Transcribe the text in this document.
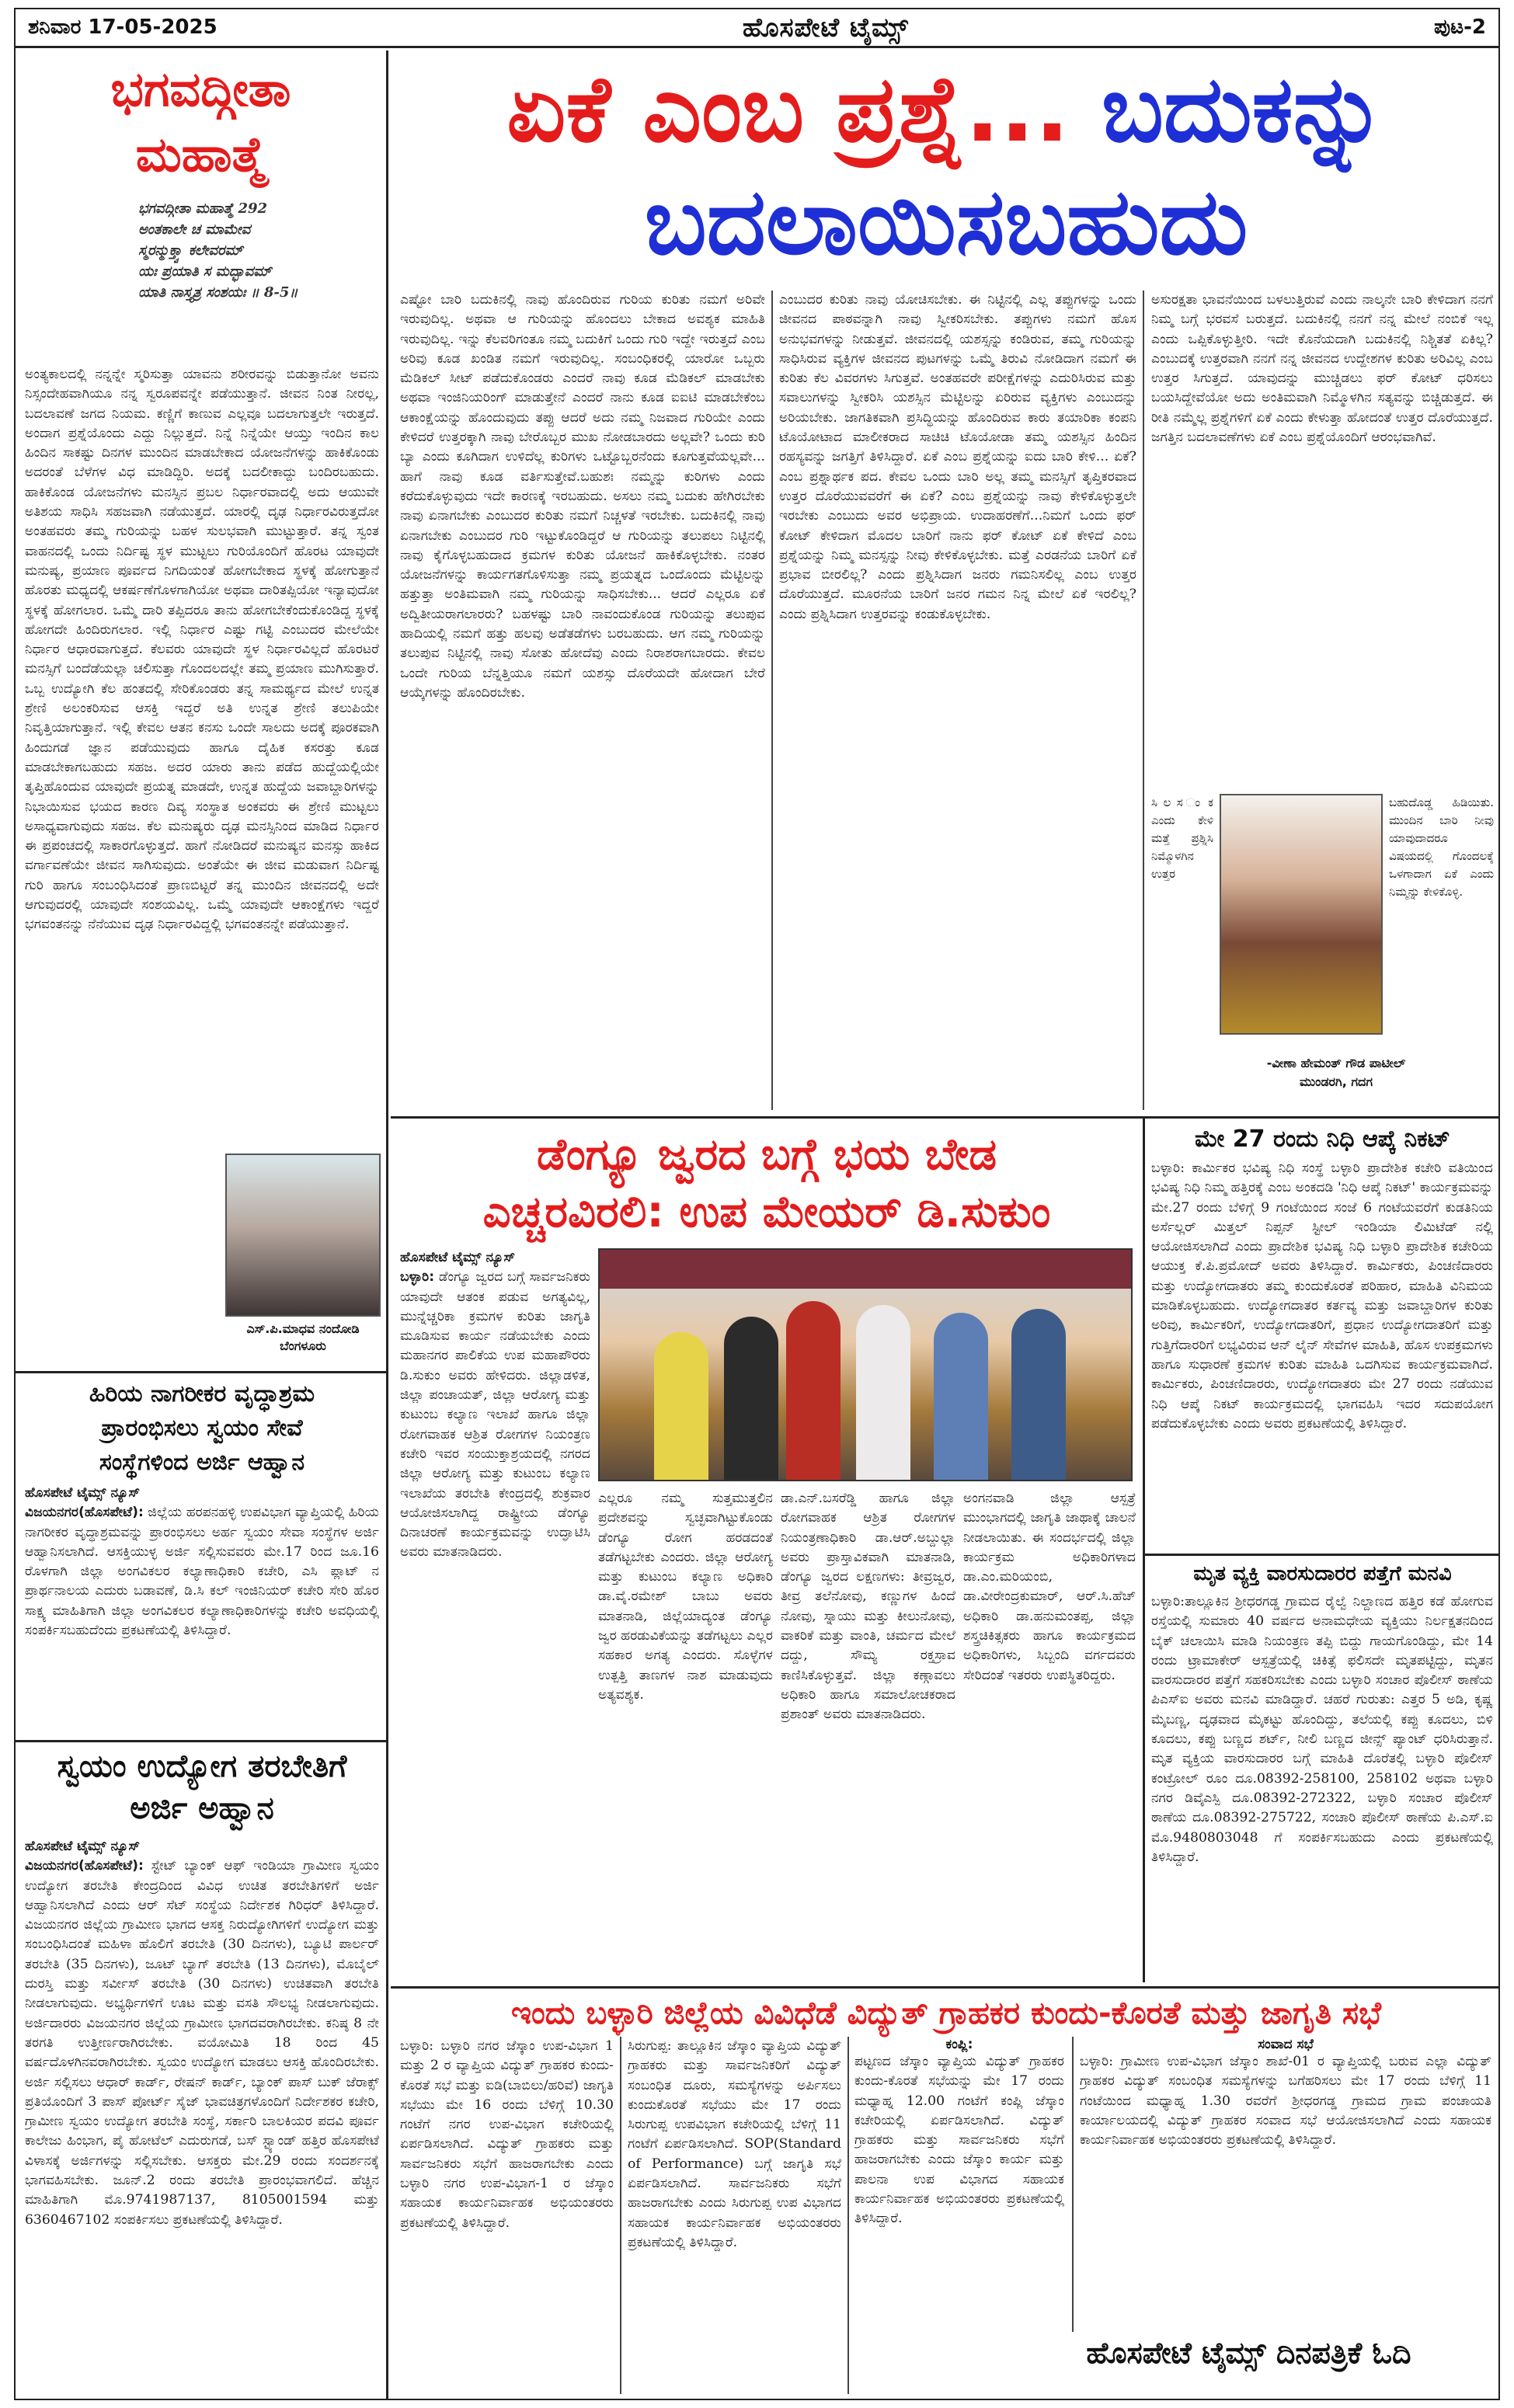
ಶನಿವಾರ 17-05-2025	ಹೊಸಪೇಟೆ ಟೈಮ್ಸ್	ಪುಟ-2
ಭಗವದ್ಗೀತಾ
ಮಹಾತ್ಮೆ
ಭಗವದ್ಗೀತಾ ಮಹಾತ್ಮೆ 292
ಅಂತಕಾಲೇ ಚ ಮಾಮೇವ
ಸ್ಮರನ್ಮುಕ್ತ್ವಾ ಕಲೇವರಮ್
ಯಃ ಪ್ರಯಾತಿ ಸ ಮದ್ಭಾವಮ್
ಯಾತಿ ನಾಸ್ತ್ಯತ್ರ ಸಂಶಯಃ ॥ 8-5॥
ಅಂತ್ಯಕಾಲದಲ್ಲಿ ನನ್ನನ್ನೇ ಸ್ಮರಿಸುತ್ತಾ ಯಾವನು ಶರೀರವನ್ನು ಬಿಡುತ್ತಾನೋ ಅವನು ನಿಸ್ಸಂದೇಹವಾಗಿಯೂ ನನ್ನ ಸ್ವರೂಪವನ್ನೇ ಪಡೆಯುತ್ತಾನೆ. ಜೀವನ ನಿಂತ ನೀರಲ್ಲ, ಬದಲಾವಣೆ ಜಗದ ನಿಯಮ. ಕಣ್ಣಿಗೆ ಕಾಣುವ ಎಲ್ಲವೂ ಬದಲಾಗುತ್ತಲೇ ಇರುತ್ತದೆ. ಅಂದಾಗ ಪ್ರಶ್ನೆಯೊಂದು ಎದ್ದು ನಿಲ್ಲುತ್ತದೆ. ನಿನ್ನೆ ನಿನ್ನೆಯೇ ಆಯ್ತು ಇಂದಿನ ಕಾಲ ಹಿಂದಿನ ಸಾಕಷ್ಟು ದಿನಗಳ ಮುಂದಿನ ಮಾಡಬೇಕಾದ ಯೋಜನೆಗಳನ್ನು ಹಾಕಿಕೊಂಡು ಅದರಂತೆ ಬೆಳೆಗಳ ವಿಧ ಮಾಡಿದ್ದಿರಿ. ಅದಕ್ಕೆ ಬದಲೀಕಾದ್ದು ಬಂದಿರಬಹುದು. ಹಾಕಿಕೊಂಡ ಯೋಜನೆಗಳು ಮನಸ್ಸಿನ ಪ್ರಬಲ ನಿರ್ಧಾರವಾದಲ್ಲಿ ಅದು ಆಯುವೇ ಅತಿಶಯ ಸಾಧಿಸಿ ಸಹಜವಾಗಿ ನಡೆಯುತ್ತದೆ. ಯಾರಲ್ಲಿ ದೃಢ ನಿರ್ಧಾರವಿರುತ್ತದೋ ಅಂತಹವರು ತಮ್ಮ ಗುರಿಯನ್ನು ಬಹಳ ಸುಲಭವಾಗಿ ಮುಟ್ಟುತ್ತಾರೆ. ತನ್ನ ಸ್ವಂತ ವಾಹನದಲ್ಲಿ ಒಂದು ನಿರ್ದಿಷ್ಟ ಸ್ಥಳ ಮುಟ್ಟಲು ಗುರಿಯೊಂದಿಗೆ ಹೊರಟ ಯಾವುದೇ ಮನುಷ್ಯ, ಪ್ರಯಾಣ ಪೂರ್ವದ ನಿಗದಿಯಂತೆ ಹೋಗಬೇಕಾದ ಸ್ಥಳಕ್ಕೆ ಹೋಗುತ್ತಾನೆ ಹೊರತು ಮಧ್ಯದಲ್ಲಿ ಆಕರ್ಷಣೆಗೊಳಗಾಗಿಯೋ ಅಥವಾ ದಾರಿತಪ್ಪಿಯೋ ಇನ್ಯಾವುದೋ ಸ್ಥಳಕ್ಕೆ ಹೋಗಲಾರ. ಒಮ್ಮೆ ದಾರಿ ತಪ್ಪಿದರೂ ತಾನು ಹೋಗಬೇಕೆಂದುಕೊಂಡಿದ್ದ ಸ್ಥಳಕ್ಕೆ ಹೋಗದೇ ಹಿಂದಿರುಗಲಾರ. ಇಲ್ಲಿ ನಿರ್ಧಾರ ಎಷ್ಟು ಗಟ್ಟಿ ಎಂಬುದರ ಮೇಲೆಯೇ ನಿರ್ಧಾರ ಆಧಾರವಾಗುತ್ತದೆ. ಕೆಲವರು ಯಾವುದೇ ಸ್ಥಳ ನಿರ್ಧಾರವಿಲ್ಲದೆ ಹೊರಟರೆ ಮನಸ್ಸಿಗೆ ಬಂದೆಡೆಯಲ್ಲಾ ಚಲಿಸುತ್ತಾ ಗೊಂದಲದಲ್ಲೇ ತಮ್ಮ ಪ್ರಯಾಣ ಮುಗಿಸುತ್ತಾರೆ. ಒಬ್ಬ ಉದ್ಯೋಗಿ ಕೆಲ ಹಂತದಲ್ಲಿ ಸೇರಿಕೊಂಡರು ತನ್ನ ಸಾಮರ್ಥ್ಯದ ಮೇಲೆ ಉನ್ನತ ಶ್ರೇಣಿ ಅಲಂಕರಿಸುವ ಆಸಕ್ತಿ ಇದ್ದರೆ ಅತಿ ಉನ್ನತ ಶ್ರೇಣಿ ತಲುಪಿಯೇ ನಿವೃತ್ತಿಯಾಗುತ್ತಾನೆ. ಇಲ್ಲಿ ಕೇವಲ ಆತನ ಕನಸು ಒಂದೇ ಸಾಲದು ಅದಕ್ಕೆ ಪೂರಕವಾಗಿ ಹಿಂದುಗಡೆ ಜ್ಞಾನ ಪಡೆಯುವುದು ಹಾಗೂ ದೈಹಿಕ ಕಸರತ್ತು ಕೂಡ ಮಾಡಬೇಕಾಗಬಹುದು ಸಹಜ. ಅದರ ಯಾರು ತಾನು ಪಡೆದ ಹುದ್ದೆಯಲ್ಲಿಯೇ ತೃಪ್ತಿಹೊಂದುವ ಯಾವುದೇ ಪ್ರಯತ್ನ ಮಾಡದೇ, ಉನ್ನತ ಹುದ್ದೆಯ ಜವಾಬ್ದಾರಿಗಳನ್ನು ನಿಭಾಯಿಸುವ ಭಯದ ಕಾರಣ ದಿವ್ಯ ಸಂಸ್ಥಾತ ಅಂಕವರು ಈ ಶ್ರೇಣಿ ಮುಟ್ಟಲು ಅಸಾಧ್ಯವಾಗುವುದು ಸಹಜ. ಕೆಲ ಮನುಷ್ಯರು ದೃಢ ಮನಸ್ಸಿನಿಂದ ಮಾಡಿದ ನಿರ್ಧಾರ ಈ ಪ್ರಪಂಚದಲ್ಲಿ ಸಾಕಾರಗೊಳ್ಳುತ್ತದೆ. ಹಾಗೆ ನೋಡಿದರೆ ಮನುಷ್ಯನ ಮನಸ್ಸು ಹಾಕಿದ ವರ್ಗಾವಣೆಯೇ ಜೀವನ ಸಾಗಿಸುವುದು. ಅಂತೆಯೇ ಈ ಜೀವ ಮಡುವಾಗ ನಿರ್ದಿಷ್ಟ ಗುರಿ ಹಾಗೂ ಸಂಬಂಧಿಸಿದಂತೆ ಪ್ರಾಣಬಿಟ್ಟರೆ ತನ್ನ ಮುಂದಿನ ಜೀವನದಲ್ಲಿ ಅದೇ ಆಗುವುದರಲ್ಲಿ ಯಾವುದೇ ಸಂಶಯವಿಲ್ಲ. ಒಮ್ಮೆ ಯಾವುದೇ ಆಕಾಂಕ್ಷೆಗಳು ಇದ್ದರೆ ಭಗವಂತನನ್ನು ನೆನೆಯುವ ದೃಢ ನಿರ್ಧಾರವಿದ್ದಲ್ಲಿ ಭಗವಂತನನ್ನೇ ಪಡೆಯುತ್ತಾನೆ.
ಎಸ್.ಪಿ.ಮಾಧವ ನಂದೋಡಿ
ಬೆಂಗಳೂರು
ಹಿರಿಯ ನಾಗರೀಕರ ವೃದ್ಧಾಶ್ರಮ
ಪ್ರಾರಂಭಿಸಲು ಸ್ವಯಂ ಸೇವೆ
ಸಂಸ್ಥೆಗಳಿಂದ ಅರ್ಜಿ ಆಹ್ವಾನ
ಹೊಸಪೇಟೆ ಟೈಮ್ಸ್ ನ್ಯೂಸ್
ವಿಜಯನಗರ(ಹೊಸಪೇಟೆ): ಜಿಲ್ಲೆಯ ಹರಪನಹಳ್ಳಿ ಉಪವಿಭಾಗ ವ್ಯಾಪ್ತಿಯಲ್ಲಿ ಹಿರಿಯ ನಾಗರೀಕರ ವೃದ್ಧಾಶ್ರಮವನ್ನು ಪ್ರಾರಂಭಿಸಲು ಅರ್ಹ ಸ್ವಯಂ ಸೇವಾ ಸಂಸ್ಥೆಗಳ ಅರ್ಜಿ ಆಹ್ವಾನಿಸಲಾಗಿದೆ. ಆಸಕ್ತಿಯುಳ್ಳ ಅರ್ಜಿ ಸಲ್ಲಿಸುವವರು ಮೇ.17 ರಿಂದ ಜೂ.16 ರೊಳಗಾಗಿ ಜಿಲ್ಲಾ ಅಂಗವಿಕಲರ ಕಲ್ಯಾಣಾಧಿಕಾರಿ ಕಚೇರಿ, ಎಸಿ ಪ್ಲಾಟ್ ನ ಪ್ರಾರ್ಥನಾಲಯ ಎದುರು ಬಡಾವಣೆ, ಡಿ.ಸಿ ಕಲ್ ಇಂಜಿನಿಯರ್ ಕಚೇರಿ ಸೇರಿ ಹೊರ ಸಾಕ್ಷ್ಯ ಮಾಹಿತಿಗಾಗಿ ಜಿಲ್ಲಾ ಅಂಗವಿಕಲರ ಕಲ್ಯಾಣಾಧಿಕಾರಿಗಳನ್ನು ಕಚೇರಿ ಅವಧಿಯಲ್ಲಿ ಸಂಪರ್ಕಿಸಬಹುದೆಂದು ಪ್ರಕಟಣೆಯಲ್ಲಿ ತಿಳಿಸಿದ್ದಾರೆ.
ಸ್ವಯಂ ಉದ್ಯೋಗ ತರಬೇತಿಗೆ
ಅರ್ಜಿ ಅಹ್ವಾನ
ಹೊಸಪೇಟೆ ಟೈಮ್ಸ್ ನ್ಯೂಸ್
ವಿಜಯನಗರ(ಹೊಸಪೇಟೆ): ಸ್ಟೇಟ್ ಬ್ಯಾಂಕ್ ಆಫ್ ಇಂಡಿಯಾ ಗ್ರಾಮೀಣ ಸ್ವಯಂ ಉದ್ಯೋಗ ತರಬೇತಿ ಕೇಂದ್ರದಿಂದ ವಿವಿಧ ಉಚಿತ ತರಬೇತಿಗಳಿಗೆ ಅರ್ಜಿ ಆಹ್ವಾನಿಸಲಾಗಿದೆ ಎಂದು ಆರ್ ಸೆಟ್ ಸಂಸ್ಥೆಯ ನಿರ್ದೇಶಕ ಗಿರಿಧರ್ ತಿಳಿಸಿದ್ದಾರೆ. ವಿಜಯನಗರ ಜಿಲ್ಲೆಯ ಗ್ರಾಮೀಣ ಭಾಗದ ಆಸಕ್ತ ನಿರುದ್ಯೋಗಿಗಳಿಗೆ ಉದ್ಯೋಗ ಮತ್ತು ಸಂಬಂಧಿಸಿದಂತೆ ಮಹಿಳಾ ಹೊಲಿಗೆ ತರಬೇತಿ (30 ದಿನಗಳು), ಬ್ಯೂಟಿ ಪಾರ್ಲರ್ ತರಬೇತಿ (35 ದಿನಗಳು), ಜೂಟ್ ಬ್ಯಾಗ್ ತರಬೇತಿ (13 ದಿನಗಳು), ಮೊಬೈಲ್ ದುರಸ್ತಿ ಮತ್ತು ಸರ್ವೀಸ್ ತರಬೇತಿ (30 ದಿನಗಳು) ಉಚಿತವಾಗಿ ತರಬೇತಿ ನೀಡಲಾಗುವುದು. ಅಭ್ಯರ್ಥಿಗಳಿಗೆ ಊಟ ಮತ್ತು ವಸತಿ ಸೌಲಭ್ಯ ನೀಡಲಾಗುವುದು. ಅರ್ಜಿದಾರರು ವಿಜಯನಗರ ಜಿಲ್ಲೆಯ ಗ್ರಾಮೀಣ ಭಾಗದವರಾಗಿರಬೇಕು. ಕನಿಷ್ಠ 8 ನೇ ತರಗತಿ ಉತ್ತೀರ್ಣರಾಗಿರಬೇಕು. ವಯೋಮಿತಿ 18 ರಿಂದ 45 ವರ್ಷದೊಳಗಿನವರಾಗಿರಬೇಕು. ಸ್ವಯಂ ಉದ್ಯೋಗ ಮಾಡಲು ಆಸಕ್ತಿ ಹೊಂದಿರಬೇಕು. ಅರ್ಜಿ ಸಲ್ಲಿಸಲು ಆಧಾರ್ ಕಾರ್ಡ್, ರೇಷನ್ ಕಾರ್ಡ್, ಬ್ಯಾಂಕ್ ಪಾಸ್ ಬುಕ್ ಜೆರಾಕ್ಸ್ ಪ್ರತಿಯೊಂದಿಗೆ 3 ಪಾಸ್ ಪೋರ್ಟ್ ಸೈಜ್ ಭಾವಚಿತ್ರಗಳೊಂದಿಗೆ ನಿರ್ದೇಶಕರ ಕಚೇರಿ, ಗ್ರಾಮೀಣ ಸ್ವಯಂ ಉದ್ಯೋಗ ತರಬೇತಿ ಸಂಸ್ಥೆ, ಸರ್ಕಾರಿ ಬಾಲಕಿಯರ ಪದವಿ ಪೂರ್ವ ಕಾಲೇಜು ಹಿಂಭಾಗ, ಪೈ ಹೋಟೆಲ್ ಎದುರುಗಡೆ, ಬಸ್ ಸ್ಟ್ಯಾಂಡ್ ಹತ್ತಿರ ಹೊಸಪೇಟೆ ವಿಳಾಸಕ್ಕೆ ಅರ್ಜಿಗಳನ್ನು ಸಲ್ಲಿಸಬೇಕು. ಆಸಕ್ತರು ಮೇ.29 ರಂದು ಸಂದರ್ಶನಕ್ಕೆ ಭಾಗವಹಿಸಬೇಕು. ಜೂನ್.2 ರಂದು ತರಬೇತಿ ಪ್ರಾರಂಭವಾಗಲಿದೆ. ಹೆಚ್ಚಿನ ಮಾಹಿತಿಗಾಗಿ ಮೊ.9741987137, 8105001594 ಮತ್ತು 6360467102 ಸಂಪರ್ಕಿಸಲು ಪ್ರಕಟಣೆಯಲ್ಲಿ ತಿಳಿಸಿದ್ದಾರೆ.
ಏಕೆ ಎಂಬ ಪ್ರಶ್ನೆ... ಬದುಕನ್ನು
ಬದಲಾಯಿಸಬಹುದು
ಎಷ್ಟೋ ಬಾರಿ ಬದುಕಿನಲ್ಲಿ ನಾವು ಹೊಂದಿರುವ ಗುರಿಯ ಕುರಿತು ನಮಗೆ ಅರಿವೇ ಇರುವುದಿಲ್ಲ. ಅಥವಾ ಆ ಗುರಿಯನ್ನು ಹೊಂದಲು ಬೇಕಾದ ಅವಶ್ಯಕ ಮಾಹಿತಿ ಇರುವುದಿಲ್ಲ. ಇನ್ನು ಕೆಲವರಿಗಂತೂ ನಮ್ಮ ಬದುಕಿಗೆ ಒಂದು ಗುರಿ ಇದ್ದೇ ಇರುತ್ತದೆ ಎಂಬ ಅರಿವು ಕೂಡ ಖಂಡಿತ ನಮಗೆ ಇರುವುದಿಲ್ಲ. ಸಂಬಂಧಿಕರಲ್ಲಿ ಯಾರೋ ಒಬ್ಬರು ಮೆಡಿಕಲ್ ಸೀಟ್ ಪಡೆದುಕೊಂಡರು ಎಂದರೆ ನಾವು ಕೂಡ ಮೆಡಿಕಲ್ ಮಾಡಬೇಕು ಅಥವಾ ಇಂಜಿನಿಯರಿಂಗ್ ಮಾಡುತ್ತೇನೆ ಎಂದರೆ ನಾನು ಕೂಡ ಐಐಟಿ ಮಾಡಬೇಕೆಂಬ ಆಕಾಂಕ್ಷೆಯನ್ನು ಹೊಂದುವುದು ತಪ್ಪು ಆದರೆ ಅದು ನಮ್ಮ ನಿಜವಾದ ಗುರಿಯೇ ಎಂದು ಕೇಳಿದರೆ ಉತ್ತರಕ್ಕಾಗಿ ನಾವು ಬೇರೊಬ್ಬರ ಮುಖ ನೋಡಬಾರದು ಅಲ್ಲವೇ? ಒಂದು ಕುರಿ ಬ್ಯಾ ಎಂದು ಕೂಗಿದಾಗ ಉಳಿದೆಲ್ಲ ಕುರಿಗಳು ಒಟ್ಟೊಬ್ಬರನೆಂದು ಕೂಗುತ್ತವೆಯಲ್ಲವೇ... ಹಾಗೆ ನಾವು ಕೂಡ ವರ್ತಿಸುತ್ತೇವೆ.ಬಹುಶಃ ನಮ್ಮನ್ನು ಕುರಿಗಳು ಎಂದು ಕರೆದುಕೊಳ್ಳುವುದು ಇದೇ ಕಾರಣಕ್ಕೆ ಇರಬಹುದು. ಅಸಲು ನಮ್ಮ ಬದುಕು ಹೇಗಿರಬೇಕು ನಾವು ಏನಾಗಬೇಕು ಎಂಬುದರ ಕುರಿತು ನಮಗೆ ನಿಚ್ಚಳತೆ ಇರಬೇಕು. ಬದುಕಿನಲ್ಲಿ ನಾವು ಏನಾಗಬೇಕು ಎಂಬುದರ ಗುರಿ ಇಟ್ಟುಕೊಂಡಿದ್ದರೆ ಆ ಗುರಿಯನ್ನು ತಲುಪಲು ನಿಟ್ಟಿನಲ್ಲಿ ನಾವು ಕೈಗೊಳ್ಳಬಹುದಾದ ಕ್ರಮಗಳ ಕುರಿತು ಯೋಜನೆ ಹಾಕಿಕೊಳ್ಳಬೇಕು. ನಂತರ ಯೋಜನೆಗಳನ್ನು ಕಾರ್ಯಗತಗೊಳಿಸುತ್ತಾ ನಮ್ಮ ಪ್ರಯತ್ನದ ಒಂದೊಂದು ಮೆಟ್ಟಿಲನ್ನು ಹತ್ತುತ್ತಾ ಅಂತಿಮವಾಗಿ ನಮ್ಮ ಗುರಿಯನ್ನು ಸಾಧಿಸಬೇಕು... ಆದರೆ ಎಲ್ಲರೂ ಏಕೆ ಅದ್ವಿತೀಯರಾಗಲಾರರು? ಬಹಳಷ್ಟು ಬಾರಿ ನಾವಂದುಕೊಂಡ ಗುರಿಯನ್ನು ತಲುಪುವ ಹಾದಿಯಲ್ಲಿ ನಮಗೆ ಹತ್ತು ಹಲವು ಅಡೆತಡೆಗಳು ಬರಬಹುದು. ಆಗ ನಮ್ಮ ಗುರಿಯನ್ನು ತಲುಪುವ ನಿಟ್ಟಿನಲ್ಲಿ ನಾವು ಸೋತು ಹೋದೆವು ಎಂದು ನಿರಾಶರಾಗಬಾರದು. ಕೇವಲ ಒಂದೇ ಗುರಿಯ ಬೆನ್ನತ್ತಿಯೂ ನಮಗೆ ಯಶಸ್ಸು ದೊರೆಯದೇ ಹೋದಾಗ ಬೇರೆ ಆಯ್ಕೆಗಳನ್ನು ಹೊಂದಿರಬೇಕು.
ಎಂಬುದರ ಕುರಿತು ನಾವು ಯೋಚಿಸಬೇಕು. ಈ ನಿಟ್ಟಿನಲ್ಲಿ ಎಲ್ಲ ತಪ್ಪುಗಳನ್ನು ಒಂದು ಜೀವನದ ಪಾಠವನ್ನಾಗಿ ನಾವು ಸ್ವೀಕರಿಸಬೇಕು. ತಪ್ಪುಗಳು ನಮಗೆ ಹೊಸ ಅನುಭವಗಳನ್ನು ನೀಡುತ್ತವೆ. ಜೀವನದಲ್ಲಿ ಯಶಸ್ಸನ್ನು ಕಂಡಿರುವ, ತಮ್ಮ ಗುರಿಯನ್ನು ಸಾಧಿಸಿರುವ ವ್ಯಕ್ತಿಗಳ ಜೀವನದ ಪುಟಗಳನ್ನು ಒಮ್ಮೆ ತಿರುವಿ ನೋಡಿದಾಗ ನಮಗೆ ಈ ಕುರಿತು ಕೆಲ ವಿವರಗಳು ಸಿಗುತ್ತವೆ. ಅಂತಹವರೇ ಪರೀಕ್ಷೆಗಳನ್ನು ಎದುರಿಸಿರುವ ಮತ್ತು ಸವಾಲುಗಳನ್ನು ಸ್ವೀಕರಿಸಿ ಯಶಸ್ಸಿನ ಮೆಟ್ಟಿಲನ್ನು ಏರಿರುವ ವ್ಯಕ್ತಿಗಳು ಎಂಬುದನ್ನು ಅರಿಯಬೇಕು. ಜಾಗತಿಕವಾಗಿ ಪ್ರಸಿದ್ಧಿಯನ್ನು ಹೊಂದಿರುವ ಕಾರು ತಯಾರಿಕಾ ಕಂಪನಿ ಟೊಯೋಟಾದ ಮಾಲೀಕರಾದ ಸಾಚಿಚಿ ಟೊಯೋಡಾ ತಮ್ಮ ಯಶಸ್ಸಿನ ಹಿಂದಿನ ರಹಸ್ಯವನ್ನು ಜಗತ್ತಿಗೆ ತಿಳಿಸಿದ್ದಾರೆ. ಏಕೆ ಎಂಬ ಪ್ರಶ್ನೆಯನ್ನು ಐದು ಬಾರಿ ಕೇಳಿ... ಏಕೆ? ಎಂಬ ಪ್ರಶ್ನಾರ್ಥಕ ಪದ. ಕೇವಲ ಒಂದು ಬಾರಿ ಅಲ್ಲ ತಮ್ಮ ಮನಸ್ಸಿಗೆ ತೃಪ್ತಿಕರವಾದ ಉತ್ತರ ದೊರೆಯುವವರೆಗೆ ಈ ಏಕೆ? ಎಂಬ ಪ್ರಶ್ನೆಯನ್ನು ನಾವು ಕೇಳಿಕೊಳ್ಳುತ್ತಲೇ ಇರಬೇಕು ಎಂಬುದು ಅವರ ಅಭಿಪ್ರಾಯ. ಉದಾಹರಣೆಗೆ...ನಿಮಗೆ ಒಂದು ಫರ್ ಕೋಟ್ ಕೇಳಿದಾಗ ಮೊದಲ ಬಾರಿಗೆ ನಾನು ಫರ್ ಕೋಟ್ ಏಕೆ ಕೇಳಿದೆ ಎಂಬ ಪ್ರಶ್ನೆಯನ್ನು ನಿಮ್ಮ ಮನಸ್ಸನ್ನು ನೀವು ಕೇಳಿಕೊಳ್ಳಬೇಕು. ಮತ್ತೆ ಎರಡನೆಯ ಬಾರಿಗೆ ಏಕೆ ಪ್ರಭಾವ ಬೀರಲಿಲ್ಲ? ಎಂದು ಪ್ರಶ್ನಿಸಿದಾಗ ಜನರು ಗಮನಿಸಲಿಲ್ಲ ಎಂಬ ಉತ್ತರ ದೊರೆಯುತ್ತದೆ. ಮೂರನೆಯ ಬಾರಿಗೆ ಜನರ ಗಮನ ನಿನ್ನ ಮೇಲೆ ಏಕೆ ಇರಲಿಲ್ಲ? ಎಂದು ಪ್ರಶ್ನಿಸಿದಾಗ ಉತ್ತರವನ್ನು ಕಂಡುಕೊಳ್ಳಬೇಕು.
ಅಸುರಕ್ಷತಾ ಭಾವನೆಯಿಂದ ಬಳಲುತ್ತಿರುವೆ ಎಂದು ನಾಲ್ಕನೇ ಬಾರಿ ಕೇಳಿದಾಗ ನನಗೆ ನಿಮ್ಮ ಬಗ್ಗೆ ಭರವಸೆ ಬರುತ್ತದೆ. ಬದುಕಿನಲ್ಲಿ ನನಗೆ ನನ್ನ ಮೇಲೆ ನಂಬಿಕೆ ಇಲ್ಲ ಎಂದು ಒಪ್ಪಿಕೊಳ್ಳುತ್ತೀರಿ. ಇದೇ ಕೊನೆಯದಾಗಿ ಬದುಕಿನಲ್ಲಿ ನಿಶ್ಚಿತತೆ ಏಕಿಲ್ಲ? ಎಂಬುದಕ್ಕೆ ಉತ್ತರವಾಗಿ ನನಗೆ ನನ್ನ ಜೀವನದ ಉದ್ದೇಶಗಳ ಕುರಿತು ಅರಿವಿಲ್ಲ ಎಂಬ ಉತ್ತರ ಸಿಗುತ್ತದೆ. ಯಾವುದನ್ನು ಮುಚ್ಚಿಡಲು ಫರ್ ಕೋಟ್ ಧರಿಸಲು ಬಯಸಿದ್ದೇವೆಯೋ ಅದು ಅಂತಿಮವಾಗಿ ನಿಮ್ಮೊಳಗಿನ ಸತ್ಯವನ್ನು ಬಿಚ್ಚಿಡುತ್ತದೆ. ಈ ರೀತಿ ನಮ್ಮೆಲ್ಲ ಪ್ರಶ್ನೆಗಳಿಗೆ ಏಕೆ ಎಂದು ಕೇಳುತ್ತಾ ಹೋದಂತೆ ಉತ್ತರ ದೊರೆಯುತ್ತದೆ. ಜಗತ್ತಿನ ಬದಲಾವಣೆಗಳು ಏಕೆ ಎಂಬ ಪ್ರಶ್ನೆಯೊಂದಿಗೆ ಆರಂಭವಾಗಿವೆ.
ಸಿ ಲ ಸ ಂ ಕ ಎಂದು ಕೇಳಿ ಮತ್ತೆ ಪ್ರಶ್ನಿಸಿ ನಿಮ್ಮೊಳಗಿನ ಉತ್ತರ
ಬಹುದೊಡ್ಡ ಹಿಡಿಯಿತು. ಮುಂದಿನ ಬಾರಿ ನೀವು ಯಾವುದಾದರೂ ವಿಷಯದಲ್ಲಿ ಗೊಂದಲಕ್ಕೆ ಒಳಗಾದಾಗ ಏಕೆ ಎಂದು ನಿಮ್ಮನ್ನು ಕೇಳಿಕೊಳ್ಳಿ.
-ವೀಣಾ ಹೇಮಂತ್ ಗೌಡ ಪಾಟೀಲ್
ಮುಂಡರಗಿ, ಗದಗ
ಡೆಂಗ್ಯೂ ಜ್ವರದ ಬಗ್ಗೆ ಭಯ ಬೇಡ
ಎಚ್ಚರವಿರಲಿ: ಉಪ ಮೇಯರ್ ಡಿ.ಸುಕುಂ
ಹೊಸಪೇಟೆ ಟೈಮ್ಸ್ ನ್ಯೂಸ್
ಬಳ್ಳಾರಿ: ಡೆಂಗ್ಯೂ ಜ್ವರದ ಬಗ್ಗೆ ಸಾರ್ವಜನಿಕರು ಯಾವುದೇ ಆತಂಕ ಪಡುವ ಅಗತ್ಯವಿಲ್ಲ, ಮುನ್ನೆಚ್ಚರಿಕಾ ಕ್ರಮಗಳ ಕುರಿತು ಜಾಗೃತಿ ಮೂಡಿಸುವ ಕಾರ್ಯ ನಡೆಯಬೇಕು ಎಂದು ಮಹಾನಗರ ಪಾಲಿಕೆಯ ಉಪ ಮಹಾಪೌರರು ಡಿ.ಸುಕುಂ ಅವರು ಹೇಳಿದರು. ಜಿಲ್ಲಾಡಳಿತ, ಜಿಲ್ಲಾ ಪಂಚಾಯತ್, ಜಿಲ್ಲಾ ಆರೋಗ್ಯ ಮತ್ತು ಕುಟುಂಬ ಕಲ್ಯಾಣ ಇಲಾಖೆ ಹಾಗೂ ಜಿಲ್ಲಾ ರೋಗವಾಹಕ ಆಶ್ರಿತ ರೋಗಗಳ ನಿಯಂತ್ರಣ ಕಚೇರಿ ಇವರ ಸಂಯುಕ್ತಾಶ್ರಯದಲ್ಲಿ ನಗರದ ಜಿಲ್ಲಾ ಆರೋಗ್ಯ ಮತ್ತು ಕುಟುಂಬ ಕಲ್ಯಾಣ ಇಲಾಖೆಯ ತರಬೇತಿ ಕೇಂದ್ರದಲ್ಲಿ ಶುಕ್ರವಾರ ಆಯೋಜಿಸಲಾಗಿದ್ದ ರಾಷ್ಟ್ರೀಯ ಡೆಂಗ್ಯೂ ದಿನಾಚರಣೆ ಕಾರ್ಯಕ್ರಮವನ್ನು ಉದ್ಘಾಟಿಸಿ ಅವರು ಮಾತನಾಡಿದರು.
ಎಲ್ಲರೂ ನಮ್ಮ ಸುತ್ತಮುತ್ತಲಿನ ಪ್ರದೇಶವನ್ನು ಸ್ವಚ್ಛವಾಗಿಟ್ಟುಕೊಂಡು ಡೆಂಗ್ಯೂ ರೋಗ ಹರಡದಂತೆ ತಡೆಗಟ್ಟಬೇಕು ಎಂದರು. ಜಿಲ್ಲಾ ಆರೋಗ್ಯ ಮತ್ತು ಕುಟುಂಬ ಕಲ್ಯಾಣ ಅಧಿಕಾರಿ ಡಾ.ವೈ.ರಮೇಶ್ ಬಾಬು ಅವರು ಮಾತನಾಡಿ, ಜಿಲ್ಲೆಯಾದ್ಯಂತ ಡೆಂಗ್ಯೂ ಜ್ವರ ಹರಡುವಿಕೆಯನ್ನು ತಡೆಗಟ್ಟಲು ಎಲ್ಲರ ಸಹಕಾರ ಅಗತ್ಯ ಎಂದರು. ಸೊಳ್ಳೆಗಳ ಉತ್ಪತ್ತಿ ತಾಣಗಳ ನಾಶ ಮಾಡುವುದು ಅತ್ಯವಶ್ಯಕ.
ಡಾ.ಎನ್.ಬಸರೆಡ್ಡಿ ಹಾಗೂ ಜಿಲ್ಲಾ ರೋಗವಾಹಕ ಆಶ್ರಿತ ರೋಗಗಳ ನಿಯಂತ್ರಣಾಧಿಕಾರಿ ಡಾ.ಆರ್.ಅಬ್ದುಲ್ಲಾ ಅವರು ಪ್ರಾಸ್ತಾವಿಕವಾಗಿ ಮಾತನಾಡಿ, ಡೆಂಗ್ಯೂ ಜ್ವರದ ಲಕ್ಷಣಗಳು: ತೀವ್ರಜ್ವರ, ತೀವ್ರ ತಲೆನೋವು, ಕಣ್ಣುಗಳ ಹಿಂದೆ ನೋವು, ಸ್ನಾಯು ಮತ್ತು ಕೀಲುನೋವು, ವಾಕರಿಕೆ ಮತ್ತು ವಾಂತಿ, ಚರ್ಮದ ಮೇಲೆ ದದ್ದು, ಸೌಮ್ಯ ರಕ್ತಸ್ರಾವ ಕಾಣಿಸಿಕೊಳ್ಳುತ್ತವೆ. ಜಿಲ್ಲಾ ಕಣ್ಗಾವಲು ಅಧಿಕಾರಿ ಹಾಗೂ ಸಮಾಲೋಚಕರಾದ ಪ್ರಶಾಂತ್ ಅವರು ಮಾತನಾಡಿದರು.
ಅಂಗನವಾಡಿ ಜಿಲ್ಲಾ ಆಸ್ಪತ್ರೆ ಮುಂಭಾಗದಲ್ಲಿ ಜಾಗೃತಿ ಜಾಥಾಕ್ಕೆ ಚಾಲನೆ ನೀಡಲಾಯಿತು. ಈ ಸಂದರ್ಭದಲ್ಲಿ ಜಿಲ್ಲಾ ಕಾರ್ಯಕ್ರಮ ಅಧಿಕಾರಿಗಳಾದ ಡಾ.ಎಂ.ಮರಿಯಂಬಿ, ಡಾ.ವೀರೇಂದ್ರಕುಮಾರ್, ಆರ್.ಸಿ.ಹೆಚ್ ಅಧಿಕಾರಿ ಡಾ.ಹನುಮಂತಪ್ಪ, ಜಿಲ್ಲಾ ಶಸ್ತ್ರಚಿಕಿತ್ಸಕರು ಹಾಗೂ ಕಾರ್ಯಕ್ರಮದ ಅಧಿಕಾರಿಗಳು, ಸಿಬ್ಬಂದಿ ವರ್ಗದವರು ಸೇರಿದಂತೆ ಇತರರು ಉಪಸ್ಥಿತರಿದ್ದರು.
ಮೇ 27 ರಂದು ನಿಧಿ ಆಪ್ಕೆ ನಿಕಟ್
ಬಳ್ಳಾರಿ: ಕಾರ್ಮಿಕರ ಭವಿಷ್ಯ ನಿಧಿ ಸಂಸ್ಥೆ ಬಳ್ಳಾರಿ ಪ್ರಾದೇಶಿಕ ಕಚೇರಿ ವತಿಯಿಂದ ಭವಿಷ್ಯ ನಿಧಿ ನಿಮ್ಮ ಹತ್ತಿರಕ್ಕೆ ಎಂಬ ಅಂಕದಡಿ 'ನಿಧಿ ಆಪ್ಕೆ ನಿಕಟ್' ಕಾರ್ಯಕ್ರಮವನ್ನು ಮೇ.27 ರಂದು ಬೆಳಿಗ್ಗೆ 9 ಗಂಟೆಯಿಂದ ಸಂಜೆ 6 ಗಂಟೆಯವರೆಗೆ ಕುಡತಿನಿಯ ಅರ್ಸೆಲ್ಲರ್ ಮಿತ್ತಲ್ ನಿಪ್ಪನ್ ಸ್ಟೀಲ್ ಇಂಡಿಯಾ ಲಿಮಿಟೆಡ್ ನಲ್ಲಿ ಆಯೋಜಿಸಲಾಗಿದೆ ಎಂದು ಪ್ರಾದೇಶಿಕ ಭವಿಷ್ಯ ನಿಧಿ ಬಳ್ಳಾರಿ ಪ್ರಾದೇಶಿಕ ಕಚೇರಿಯ ಆಯುಕ್ತ ಕೆ.ಪಿ.ಪ್ರಮೋದ್ ಅವರು ತಿಳಿಸಿದ್ದಾರೆ. ಕಾರ್ಮಿಕರು, ಪಿಂಚಣಿದಾರರು ಮತ್ತು ಉದ್ಯೋಗದಾತರು ತಮ್ಮ ಕುಂದುಕೊರತೆ ಪರಿಹಾರ, ಮಾಹಿತಿ ವಿನಿಮಯ ಮಾಡಿಕೊಳ್ಳಬಹುದು. ಉದ್ಯೋಗದಾತರ ಕರ್ತವ್ಯ ಮತ್ತು ಜವಾಬ್ದಾರಿಗಳ ಕುರಿತು ಅರಿವು, ಕಾರ್ಮಿಕರಿಗೆ, ಉದ್ಯೋಗದಾತರಿಗೆ, ಪ್ರಧಾನ ಉದ್ಯೋಗದಾತರಿಗೆ ಮತ್ತು ಗುತ್ತಿಗೆದಾರರಿಗೆ ಲಭ್ಯವಿರುವ ಆನ್ ಲೈನ್ ಸೇವೆಗಳ ಮಾಹಿತಿ, ಹೊಸ ಉಪಕ್ರಮಗಳು ಹಾಗೂ ಸುಧಾರಣೆ ಕ್ರಮಗಳ ಕುರಿತು ಮಾಹಿತಿ ಒದಗಿಸುವ ಕಾರ್ಯಕ್ರಮವಾಗಿದೆ. ಕಾರ್ಮಿಕರು, ಪಿಂಚಣಿದಾರರು, ಉದ್ಯೋಗದಾತರು ಮೇ 27 ರಂದು ನಡೆಯುವ ನಿಧಿ ಆಪ್ಕೆ ನಿಕಟ್ ಕಾರ್ಯಕ್ರಮದಲ್ಲಿ ಭಾಗವಹಿಸಿ ಇದರ ಸದುಪಯೋಗ ಪಡೆದುಕೊಳ್ಳಬೇಕು ಎಂದು ಅವರು ಪ್ರಕಟಣೆಯಲ್ಲಿ ತಿಳಿಸಿದ್ದಾರೆ.
ಮೃತ ವ್ಯಕ್ತಿ ವಾರಸುದಾರರ ಪತ್ತೆಗೆ ಮನವಿ
ಬಳ್ಳಾರಿ:ತಾಲ್ಲೂಕಿನ ಶ್ರೀಧರಗಡ್ಡ ಗ್ರಾಮದ ರೈಲ್ವೆ ನಿಲ್ದಾಣದ ಹತ್ತಿರ ಕಡೆ ಹೋಗುವ ರಸ್ತೆಯಲ್ಲಿ ಸುಮಾರು 40 ವರ್ಷದ ಅನಾಮಧೇಯ ವ್ಯಕ್ತಿಯು ನಿರ್ಲಕ್ಷತನದಿಂದ ಬೈಕ್ ಚಲಾಯಿಸಿ ಮಾಡಿ ನಿಯಂತ್ರಣ ತಪ್ಪಿ ಬಿದ್ದು ಗಾಯಗೊಂಡಿದ್ದು, ಮೇ 14 ರಂದು ಟ್ರಾಮಾಕೇರ್ ಆಸ್ಪತ್ರೆಯಲ್ಲಿ ಚಿಕಿತ್ಸೆ ಫಲಿಸದೇ ಮೃತಪಟ್ಟಿದ್ದು, ಮೃತನ ವಾರಸುದಾರರ ಪತ್ತೆಗೆ ಸಹಕರಿಸಬೇಕು ಎಂದು ಬಳ್ಳಾರಿ ಸಂಚಾರ ಪೊಲೀಸ್ ಠಾಣೆಯ ಪಿಎಸ್ಐ ಅವರು ಮನವಿ ಮಾಡಿದ್ದಾರೆ. ಚಹರೆ ಗುರುತು: ಎತ್ತರ 5 ಅಡಿ, ಕೃಷ್ಣ ಮೈಬಣ್ಣ, ದೃಢವಾದ ಮೈಕಟ್ಟು ಹೊಂದಿದ್ದು, ತಲೆಯಲ್ಲಿ ಕಪ್ಪು ಕೂದಲು, ಬಿಳಿ ಕೂದಲು, ಕಪ್ಪು ಬಣ್ಣದ ಶರ್ಟ್, ನೀಲಿ ಬಣ್ಣದ ಜೀನ್ಸ್ ಪ್ಯಾಂಟ್ ಧರಿಸಿರುತ್ತಾನೆ. ಮೃತ ವ್ಯಕ್ತಿಯ ವಾರಸುದಾರರ ಬಗ್ಗೆ ಮಾಹಿತಿ ದೊರೆತಲ್ಲಿ ಬಳ್ಳಾರಿ ಪೊಲೀಸ್ ಕಂಟ್ರೋಲ್ ರೂಂ ದೂ.08392-258100, 258102 ಅಥವಾ ಬಳ್ಳಾರಿ ನಗರ ಡಿವೈಎಸ್ಪಿ ದೂ.08392-272322, ಬಳ್ಳಾರಿ ಸಂಚಾರ ಪೊಲೀಸ್ ಠಾಣೆಯ ದೂ.08392-275722, ಸಂಚಾರಿ ಪೊಲೀಸ್ ಠಾಣೆಯ ಪಿ.ಎಸ್.ಐ ಮೊ.9480803048 ಗೆ ಸಂಪರ್ಕಿಸಬಹುದು ಎಂದು ಪ್ರಕಟಣೆಯಲ್ಲಿ ತಿಳಿಸಿದ್ದಾರೆ.
ಇಂದು ಬಳ್ಳಾರಿ ಜಿಲ್ಲೆಯ ವಿವಿಧೆಡೆ ವಿದ್ಯುತ್ ಗ್ರಾಹಕರ ಕುಂದು-ಕೊರತೆ ಮತ್ತು ಜಾಗೃತಿ ಸಭೆ
ಬಳ್ಳಾರಿ: ಬಳ್ಳಾರಿ ನಗರ ಜೆಸ್ಕಾಂ ಉಪ-ವಿಭಾಗ 1 ಮತ್ತು 2 ರ ವ್ಯಾಪ್ತಿಯ ವಿದ್ಯುತ್ ಗ್ರಾಹಕರ ಕುಂದು-ಕೊರತೆ ಸಭೆ ಮತ್ತು ಐಡಿ(ಬಾಬಿಲು/ಹರಿವೆ) ಜಾಗೃತಿ ಸಭೆಯು ಮೇ 16 ರಂದು ಬೆಳಿಗ್ಗೆ 10.30 ಗಂಟೆಗೆ ನಗರ ಉಪ-ವಿಭಾಗ ಕಚೇರಿಯಲ್ಲಿ ಏರ್ಪಡಿಸಲಾಗಿದೆ. ವಿದ್ಯುತ್ ಗ್ರಾಹಕರು ಮತ್ತು ಸಾರ್ವಜನಿಕರು ಸಭೆಗೆ ಹಾಜರಾಗಬೇಕು ಎಂದು ಬಳ್ಳಾರಿ ನಗರ ಉಪ-ವಿಭಾಗ-1 ರ ಜೆಸ್ಕಾಂ ಸಹಾಯಕ ಕಾರ್ಯನಿರ್ವಾಹಕ ಅಭಿಯಂತರರು ಪ್ರಕಟಣೆಯಲ್ಲಿ ತಿಳಿಸಿದ್ದಾರೆ.
ಸಿರುಗುಪ್ಪ: ತಾಲ್ಲೂಕಿನ ಜೆಸ್ಕಾಂ ವ್ಯಾಪ್ತಿಯ ವಿದ್ಯುತ್ ಗ್ರಾಹಕರು ಮತ್ತು ಸಾರ್ವಜನಿಕರಿಗೆ ವಿದ್ಯುತ್ ಸಂಬಂಧಿತ ದೂರು, ಸಮಸ್ಯೆಗಳನ್ನು ಅರ್ಪಿಸಲು ಕುಂದುಕೊರತೆ ಸಭೆಯು ಮೇ 17 ರಂದು ಸಿರುಗುಪ್ಪ ಉಪವಿಭಾಗ ಕಚೇರಿಯಲ್ಲಿ ಬೆಳಿಗ್ಗೆ 11 ಗಂಟೆಗೆ ಏರ್ಪಡಿಸಲಾಗಿದೆ. SOP(Standard of Performance) ಬಗ್ಗೆ ಜಾಗೃತಿ ಸಭೆ ಏರ್ಪಡಿಸಲಾಗಿದೆ. ಸಾರ್ವಜನಿಕರು ಸಭೆಗೆ ಹಾಜರಾಗಬೇಕು ಎಂದು ಸಿರುಗುಪ್ಪ ಉಪ ವಿಭಾಗದ ಸಹಾಯಕ ಕಾರ್ಯನಿರ್ವಾಹಕ ಅಭಿಯಂತರರು ಪ್ರಕಟಣೆಯಲ್ಲಿ ತಿಳಿಸಿದ್ದಾರೆ.
ಕಂಪ್ಲಿ:
ಪಟ್ಟಣದ ಜೆಸ್ಕಾಂ ವ್ಯಾಪ್ತಿಯ ವಿದ್ಯುತ್ ಗ್ರಾಹಕರ ಕುಂದು-ಕೊರತೆ ಸಭೆಯನ್ನು ಮೇ 17 ರಂದು ಮಧ್ಯಾಹ್ನ 12.00 ಗಂಟೆಗೆ ಕಂಪ್ಲಿ ಜೆಸ್ಕಾಂ ಕಚೇರಿಯಲ್ಲಿ ಏರ್ಪಡಿಸಲಾಗಿದೆ. ವಿದ್ಯುತ್ ಗ್ರಾಹಕರು ಮತ್ತು ಸಾರ್ವಜನಿಕರು ಸಭೆಗೆ ಹಾಜರಾಗಬೇಕು ಎಂದು ಜೆಸ್ಕಾಂ ಕಾರ್ಯ ಮತ್ತು ಪಾಲನಾ ಉಪ ವಿಭಾಗದ ಸಹಾಯಕ ಕಾರ್ಯನಿರ್ವಾಹಕ ಅಭಿಯಂತರರು ಪ್ರಕಟಣೆಯಲ್ಲಿ ತಿಳಿಸಿದ್ದಾರೆ.
ಸಂವಾದ ಸಭೆ
ಬಳ್ಳಾರಿ: ಗ್ರಾಮೀಣ ಉಪ-ವಿಭಾಗ ಜೆಸ್ಕಾಂ ಶಾಖೆ-01 ರ ವ್ಯಾಪ್ತಿಯಲ್ಲಿ ಬರುವ ಎಲ್ಲಾ ವಿದ್ಯುತ್ ಗ್ರಾಹಕರ ವಿದ್ಯುತ್ ಸಂಬಂಧಿತ ಸಮಸ್ಯೆಗಳನ್ನು ಬಗೆಹರಿಸಲು ಮೇ 17 ರಂದು ಬೆಳಿಗ್ಗೆ 11 ಗಂಟೆಯಿಂದ ಮಧ್ಯಾಹ್ನ 1.30 ರವರೆಗೆ ಶ್ರೀಧರಗಡ್ಡ ಗ್ರಾಮದ ಗ್ರಾಮ ಪಂಚಾಯತಿ ಕಾರ್ಯಾಲಯದಲ್ಲಿ ವಿದ್ಯುತ್ ಗ್ರಾಹಕರ ಸಂವಾದ ಸಭೆ ಆಯೋಜಿಸಲಾಗಿದೆ ಎಂದು ಸಹಾಯಕ ಕಾರ್ಯನಿರ್ವಾಹಕ ಅಭಿಯಂತರರು ಪ್ರಕಟಣೆಯಲ್ಲಿ ತಿಳಿಸಿದ್ದಾರೆ.
ಹೊಸಪೇಟೆ ಟೈಮ್ಸ್ ದಿನಪತ್ರಿಕೆ ಓದಿ
